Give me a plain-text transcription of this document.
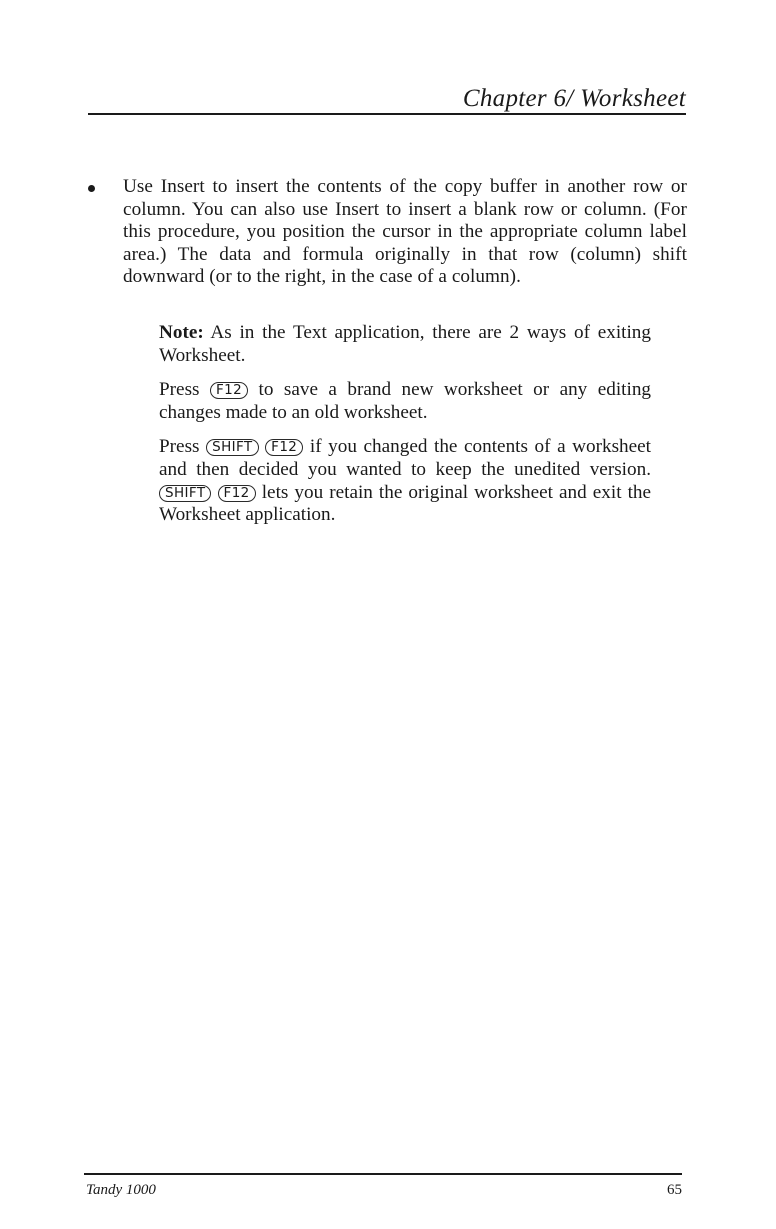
Chapter 6/ Worksheet
Use Insert to insert the contents of the copy buffer in another row or column. You can also use Insert to insert a blank row or column. (For this procedure, you position the cursor in the appropriate column label area.) The data and formula originally in that row (column) shift downward (or to the right, in the case of a column).

Note: As in the Text application, there are 2 ways of exiting Worksheet.

Press F12 to save a brand new worksheet or any editing changes made to an old worksheet.

Press SHIFT F12 if you changed the contents of a worksheet and then decided you wanted to keep the unedited version. SHIFT F12 lets you retain the original worksheet and exit the Worksheet application.

Tandy 1000	65
